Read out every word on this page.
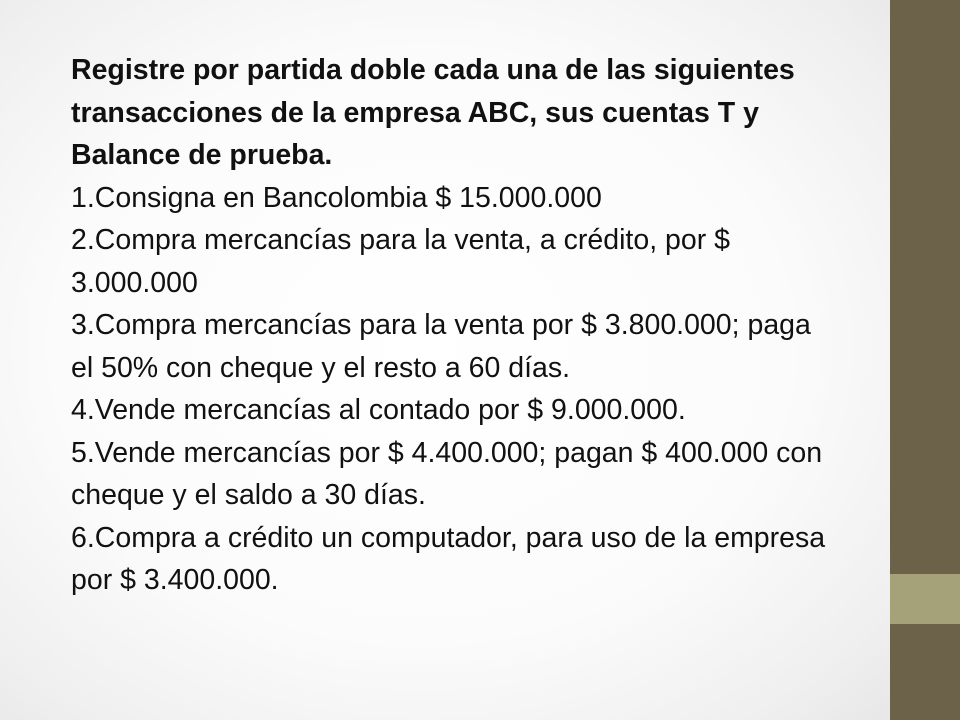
Registre por partida doble cada una de las siguientes transacciones de la empresa ABC, sus cuentas T y Balance de prueba.

1.Consigna en Bancolombia $ 15.000.000

2.Compra mercancías para la venta, a crédito, por $ 3.000.000

3.Compra mercancías para la venta por $ 3.800.000; paga el 50% con cheque y el resto a 60 días.

4.Vende mercancías al contado por $ 9.000.000.

5.Vende mercancías por $ 4.400.000; pagan $ 400.000 con cheque y el saldo a 30 días.

6.Compra a crédito un computador, para uso de la empresa por $ 3.400.000.
